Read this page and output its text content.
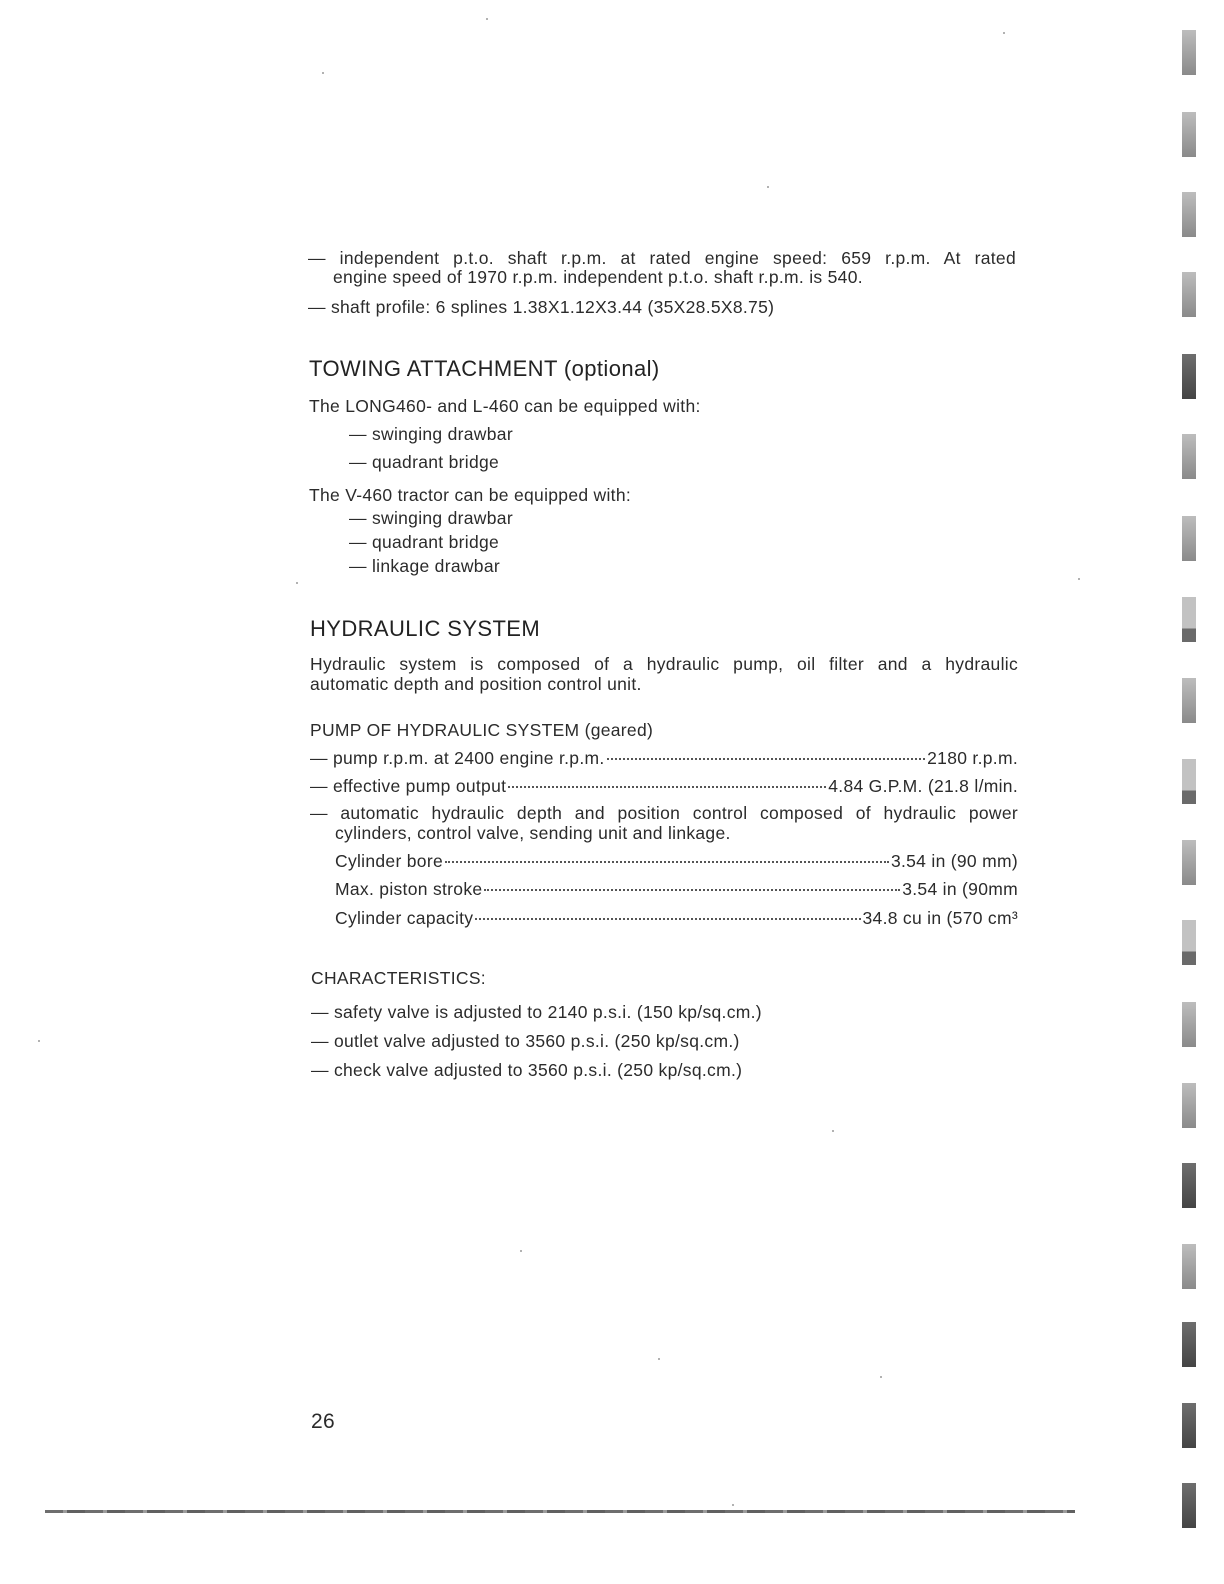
— independent p.t.o. shaft r.p.m. at rated engine speed: 659 r.p.m. At rated
engine speed of 1970 r.p.m. independent p.t.o. shaft r.p.m. is 540.
— shaft profile: 6 splines 1.38X1.12X3.44 (35X28.5X8.75)
TOWING ATTACHMENT (optional)
The LONG460- and L-460 can be equipped with:
— swinging drawbar
— quadrant bridge
The V-460 tractor can be equipped with:
— swinging drawbar
— quadrant bridge
— linkage drawbar
HYDRAULIC SYSTEM
Hydraulic system is composed of a hydraulic pump, oil filter and a hydraulic
automatic depth and position control unit.
PUMP OF HYDRAULIC SYSTEM (geared)
— pump r.p.m. at 2400 engine r.p.m.	2180 r.p.m.
— effective pump output	4.84 G.P.M. (21.8 l/min.
— automatic hydraulic depth and position control composed of hydraulic power
cylinders, control valve, sending unit and linkage.
Cylinder bore	3.54 in (90 mm)
Max. piston stroke	3.54 in (90mm
Cylinder capacity	34.8 cu in (570 cm³
CHARACTERISTICS:
— safety valve is adjusted to 2140 p.s.i. (150 kp/sq.cm.)
— outlet valve adjusted to 3560 p.s.i. (250 kp/sq.cm.)
— check valve adjusted to 3560 p.s.i. (250 kp/sq.cm.)
26
